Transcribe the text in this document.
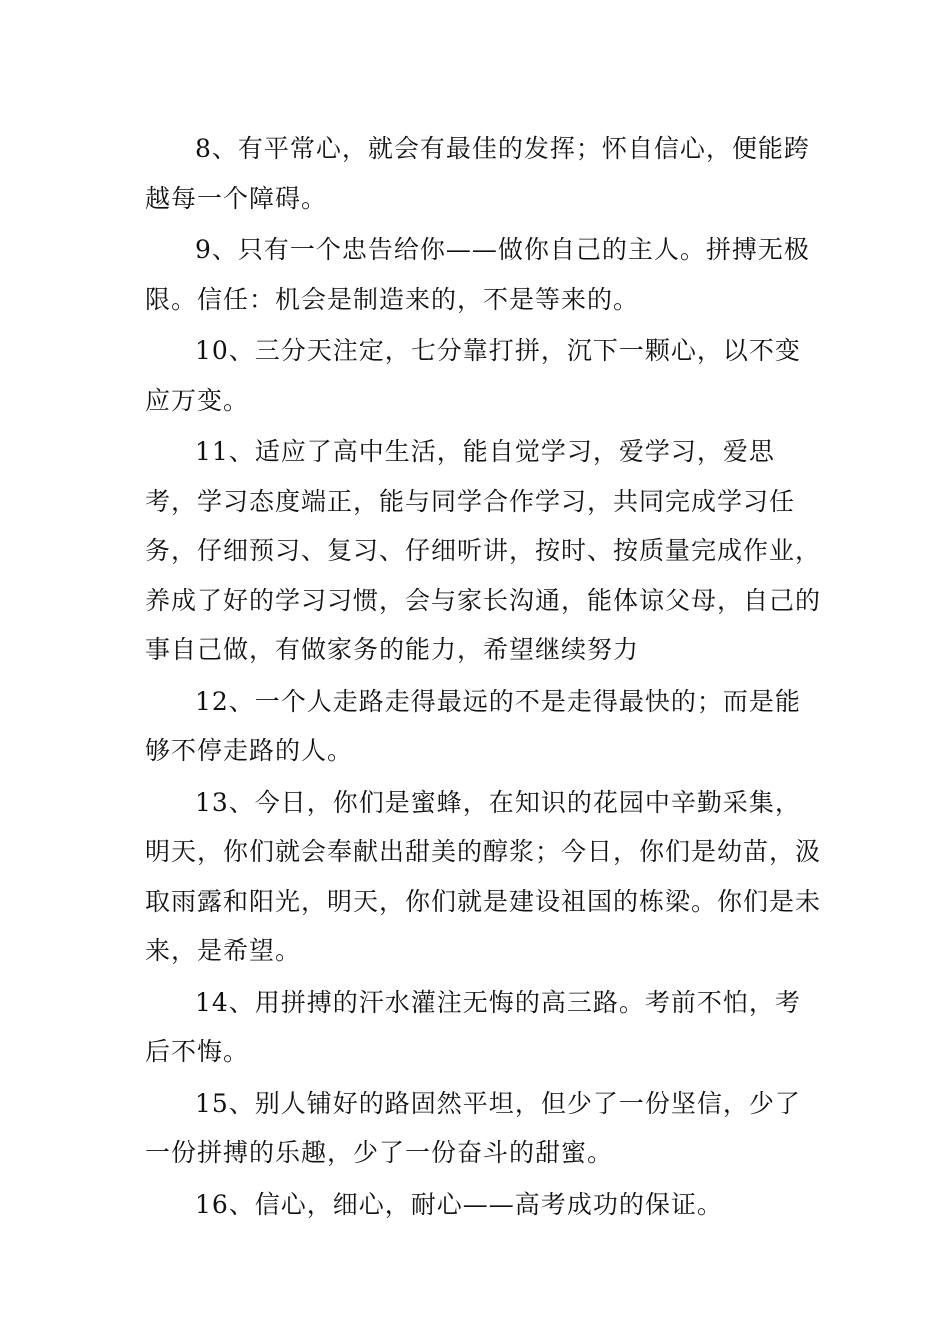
8、有平常心，就会有最佳的发挥；怀自信心，便能跨越每一个障碍。

9、只有一个忠告给你——做你自己的主人。拼搏无极限。信任：机会是制造来的，不是等来的。

10、三分天注定，七分靠打拼，沉下一颗心，以不变应万变。

11、适应了高中生活，能自觉学习，爱学习，爱思考，学习态度端正，能与同学合作学习，共同完成学习任务，仔细预习、复习、仔细听讲，按时、按质量完成作业，养成了好的学习习惯，会与家长沟通，能体谅父母，自己的事自己做，有做家务的能力，希望继续努力

12、一个人走路走得最远的不是走得最快的；而是能够不停走路的人。

13、今日，你们是蜜蜂，在知识的花园中辛勤采集，明天，你们就会奉献出甜美的醇浆；今日，你们是幼苗，汲取雨露和阳光，明天，你们就是建设祖国的栋梁。你们是未来，是希望。

14、用拼搏的汗水灌注无悔的高三路。考前不怕，考后不悔。

15、别人铺好的路固然平坦，但少了一份坚信，少了一份拼搏的乐趣，少了一份奋斗的甜蜜。

16、信心，细心，耐心——高考成功的保证。
